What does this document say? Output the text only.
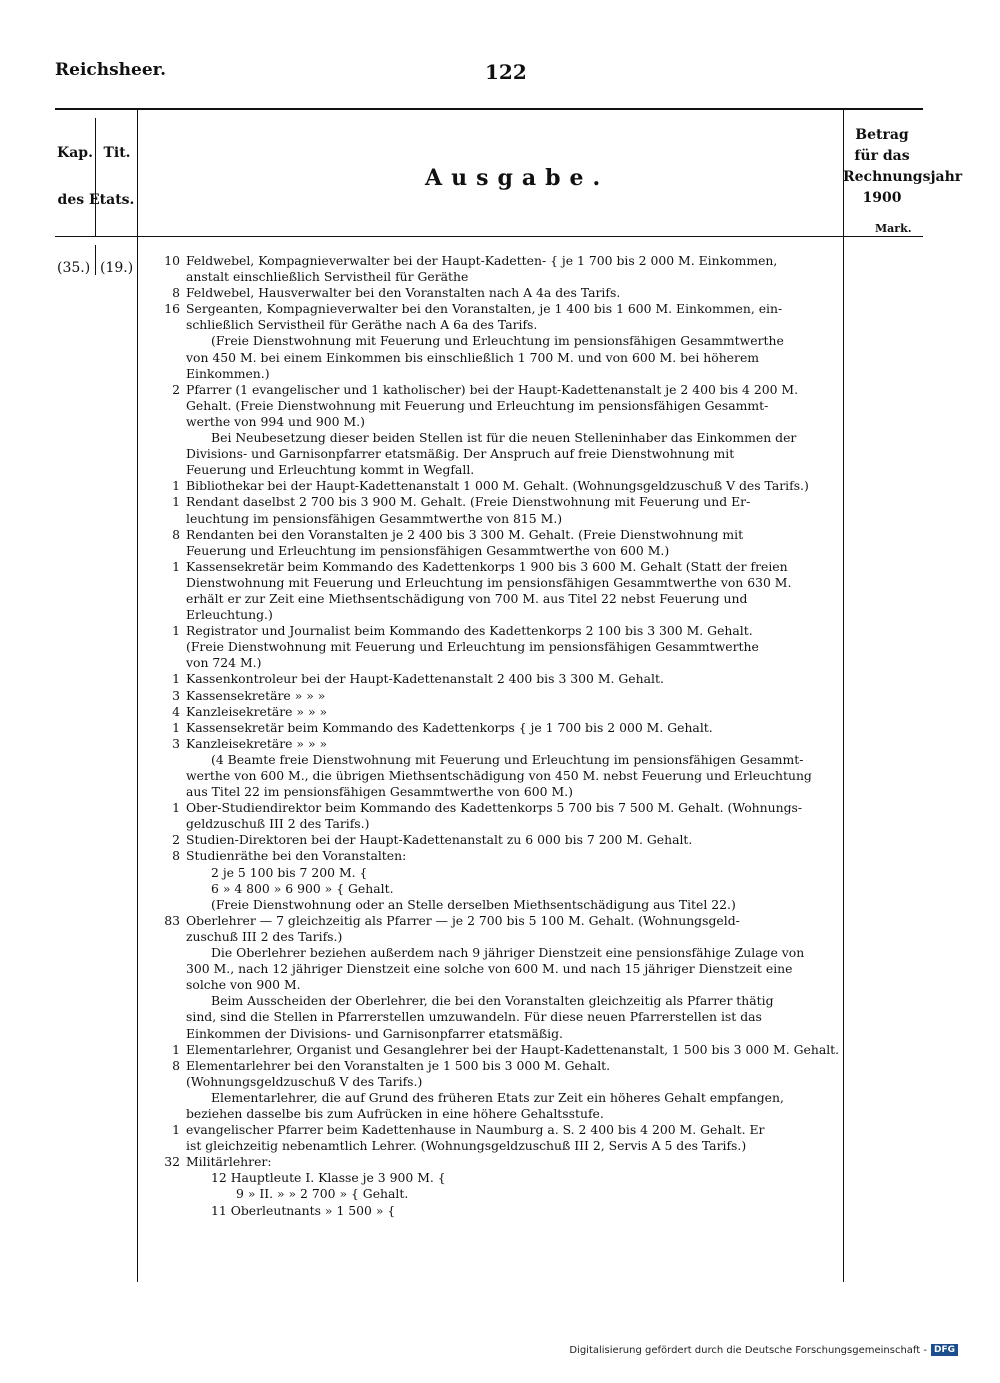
Reichsheer.	122
Kap. Tit.
des Etats.
Ausgabe.
Betrag
für das
Rechnungsjahr
1900
Mark.
(35.) (19.)	10 Feldwebel, Kompagnieverwalter bei der Haupt-Kadetten- { je 1 700 bis 2 000 M. Einkommen,
anstalt einschließlich Servistheil für Geräthe
8 Feldwebel, Hausverwalter bei den Voranstalten nach A 4a des Tarifs.
16 Sergeanten, Kompagnieverwalter bei den Voranstalten, je 1 400 bis 1 600 M. Einkommen, ein-
schließlich Servistheil für Geräthe nach A 6a des Tarifs.
(Freie Dienstwohnung mit Feuerung und Erleuchtung im pensionsfähigen Gesammtwerthe
von 450 M. bei einem Einkommen bis einschließlich 1 700 M. und von 600 M. bei höherem
Einkommen.)
2 Pfarrer (1 evangelischer und 1 katholischer) bei der Haupt-Kadettenanstalt je 2 400 bis 4 200 M.
Gehalt. (Freie Dienstwohnung mit Feuerung und Erleuchtung im pensionsfähigen Gesammt-
werthe von 994 und 900 M.)
Bei Neubesetzung dieser beiden Stellen ist für die neuen Stelleninhaber das Einkommen der
Divisions- und Garnisonpfarrer etatsmäßig. Der Anspruch auf freie Dienstwohnung mit
Feuerung und Erleuchtung kommt in Wegfall.
1 Bibliothekar bei der Haupt-Kadettenanstalt 1 000 M. Gehalt. (Wohnungsgeldzuschuß V des Tarifs.)
1 Rendant daselbst 2 700 bis 3 900 M. Gehalt. (Freie Dienstwohnung mit Feuerung und Er-
leuchtung im pensionsfähigen Gesammtwerthe von 815 M.)
8 Rendanten bei den Voranstalten je 2 400 bis 3 300 M. Gehalt. (Freie Dienstwohnung mit
Feuerung und Erleuchtung im pensionsfähigen Gesammtwerthe von 600 M.)
1 Kassensekretär beim Kommando des Kadettenkorps 1 900 bis 3 600 M. Gehalt (Statt der freien
Dienstwohnung mit Feuerung und Erleuchtung im pensionsfähigen Gesammtwerthe von 630 M.
erhält er zur Zeit eine Miethsentschädigung von 700 M. aus Titel 22 nebst Feuerung und
Erleuchtung.)
1 Registrator und Journalist beim Kommando des Kadettenkorps 2 100 bis 3 300 M. Gehalt.
(Freie Dienstwohnung mit Feuerung und Erleuchtung im pensionsfähigen Gesammtwerthe
von 724 M.)
1 Kassenkontroleur bei der Haupt-Kadettenanstalt 2 400 bis 3 300 M. Gehalt.
3 Kassensekretäre » » »
4 Kanzleisekretäre » » »
1 Kassensekretär beim Kommando des Kadettenkorps { je 1 700 bis 2 000 M. Gehalt.
3 Kanzleisekretäre » » »
(4 Beamte freie Dienstwohnung mit Feuerung und Erleuchtung im pensionsfähigen Gesammt-
werthe von 600 M., die übrigen Miethsentschädigung von 450 M. nebst Feuerung und Erleuchtung
aus Titel 22 im pensionsfähigen Gesammtwerthe von 600 M.)
1 Ober-Studiendirektor beim Kommando des Kadettenkorps 5 700 bis 7 500 M. Gehalt. (Wohnungs-
geldzuschuß III 2 des Tarifs.)
2 Studien-Direktoren bei der Haupt-Kadettenanstalt zu 6 000 bis 7 200 M. Gehalt.
8 Studienräthe bei den Voranstalten:
2 je 5 100 bis 7 200 M. {
6 » 4 800 » 6 900 » { Gehalt.
(Freie Dienstwohnung oder an Stelle derselben Miethsentschädigung aus Titel 22.)
83 Oberlehrer — 7 gleichzeitig als Pfarrer — je 2 700 bis 5 100 M. Gehalt. (Wohnungsgeld-
zuschuß III 2 des Tarifs.)
Die Oberlehrer beziehen außerdem nach 9 jähriger Dienstzeit eine pensionsfähige Zulage von
300 M., nach 12 jähriger Dienstzeit eine solche von 600 M. und nach 15 jähriger Dienstzeit eine
solche von 900 M.
Beim Ausscheiden der Oberlehrer, die bei den Voranstalten gleichzeitig als Pfarrer thätig
sind, sind die Stellen in Pfarrerstellen umzuwandeln. Für diese neuen Pfarrerstellen ist das
Einkommen der Divisions- und Garnisonpfarrer etatsmäßig.
1 Elementarlehrer, Organist und Gesanglehrer bei der Haupt-Kadettenanstalt, 1 500 bis 3 000 M. Gehalt.
8 Elementarlehrer bei den Voranstalten je 1 500 bis 3 000 M. Gehalt.
(Wohnungsgeldzuschuß V des Tarifs.)
Elementarlehrer, die auf Grund des früheren Etats zur Zeit ein höheres Gehalt empfangen,
beziehen dasselbe bis zum Aufrücken in eine höhere Gehaltsstufe.
1 evangelischer Pfarrer beim Kadettenhause in Naumburg a. S. 2 400 bis 4 200 M. Gehalt. Er
ist gleichzeitig nebenamtlich Lehrer. (Wohnungsgeldzuschuß III 2, Servis A 5 des Tarifs.)
32 Militärlehrer:
12 Hauptleute I. Klasse je 3 900 M. {
9 » II. » » 2 700 » { Gehalt.
11 Oberleutnants » 1 500 » {
Digitalisierung gefördert durch die Deutsche Forschungsgemeinschaft - DFG
